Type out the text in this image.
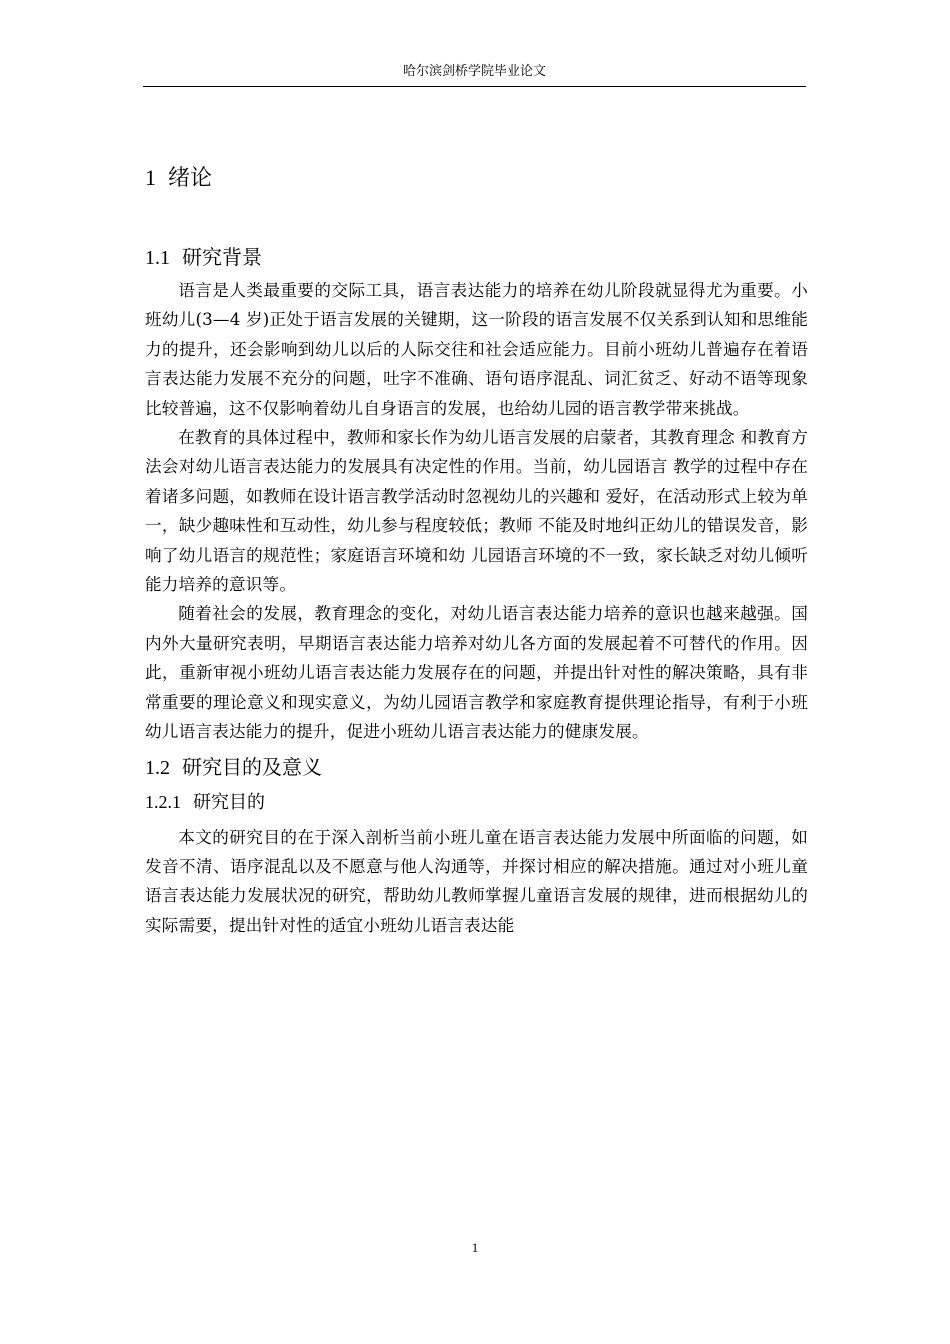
哈尔滨剑桥学院毕业论文
1 绪论
1.1 研究背景

语言是人类最重要的交际工具，语言表达能力的培养在幼儿阶段就显得尤为重要。小班幼儿(3—4 岁)正处于语言发展的关键期，这一阶段的语言发展不仅关系到认知和思维能力的提升，还会影响到幼儿以后的人际交往和社会适应能力。目前小班幼儿普遍存在着语言表达能力发展不充分的问题，吐字不准确、语句语序混乱、词汇贫乏、好动不语等现象比较普遍，这不仅影响着幼儿自身语言的发展，也给幼儿园的语言教学带来挑战。

在教育的具体过程中，教师和家长作为幼儿语言发展的启蒙者，其教育理念 和教育方法会对幼儿语言表达能力的发展具有决定性的作用。当前，幼儿园语言 教学的过程中存在着诸多问题，如教师在设计语言教学活动时忽视幼儿的兴趣和 爱好，在活动形式上较为单一，缺少趣味性和互动性，幼儿参与程度较低；教师 不能及时地纠正幼儿的错误发音，影响了幼儿语言的规范性；家庭语言环境和幼 儿园语言环境的不一致，家长缺乏对幼儿倾听能力培养的意识等。

随着社会的发展，教育理念的变化，对幼儿语言表达能力培养的意识也越来越强。国内外大量研究表明，早期语言表达能力培养对幼儿各方面的发展起着不可替代的作用。因此，重新审视小班幼儿语言表达能力发展存在的问题，并提出针对性的解决策略，具有非常重要的理论意义和现实意义，为幼儿园语言教学和家庭教育提供理论指导，有利于小班幼儿语言表达能力的提升，促进小班幼儿语言表达能力的健康发展。

1.2 研究目的及意义
1.2.1 研究目的

本文的研究目的在于深入剖析当前小班儿童在语言表达能力发展中所面临的问题，如发音不清、语序混乱以及不愿意与他人沟通等，并探讨相应的解决措施。通过对小班儿童语言表达能力发展状况的研究，帮助幼儿教师掌握儿童语言发展的规律，进而根据幼儿的实际需要，提出针对性的适宜小班幼儿语言表达能

1
